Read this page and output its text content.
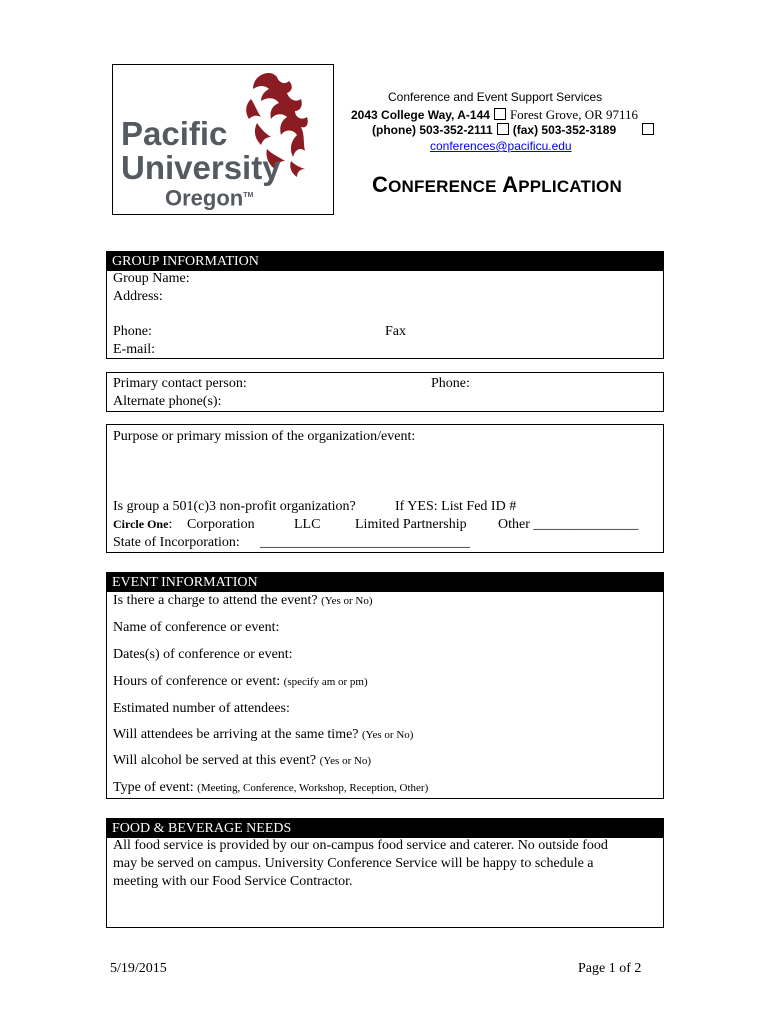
Pacific
University
Oregon™
Conference and Event Support Services
2043 College Way, A-144 Forest Grove, OR 97116
(phone) 503-352-2111 (fax) 503-352-3189
conferences@pacificu.edu
CONFERENCE APPLICATION
GROUP INFORMATION
Group Name:
Address:
Phone:	Fax
E-mail:
Primary contact person:	Phone:
Alternate phone(s):
Purpose or primary mission of the organization/event:
Is group a 501(c)3 non-profit organization?	If YES: List Fed ID #
Circle One: Corporation	LLC Limited Partnership Other _______________
State of Incorporation: ______________________________
EVENT INFORMATION
Is there a charge to attend the event? (Yes or No)
Name of conference or event:
Dates(s) of conference or event:
Hours of conference or event: (specify am or pm)
Estimated number of attendees:
Will attendees be arriving at the same time? (Yes or No)
Will alcohol be served at this event? (Yes or No)
Type of event: (Meeting, Conference, Workshop, Reception, Other)
FOOD & BEVERAGE NEEDS
All food service is provided by our on-campus food service and caterer. No outside food
may be served on campus. University Conference Service will be happy to schedule a
meeting with our Food Service Contractor.
5/19/2015	Page 1 of 2
